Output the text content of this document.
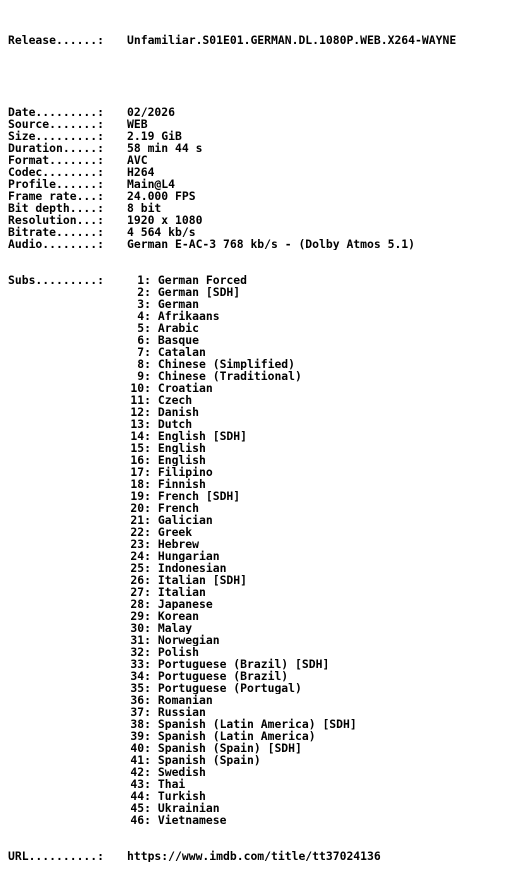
Release......: Unfamiliar.S01E01.GERMAN.DL.1080P.WEB.X264-WAYNE

Date.........: 02/2026
Source.......: WEB
Size.........: 2.19 GiB
Duration.....: 58 min 44 s
Format.......: AVC
Codec........: H264
Profile......: Main@L4
Frame rate...: 24.000 FPS
Bit depth....: 8 bit
Resolution...: 1920 x 1080
Bitrate......: 4 564 kb/s
Audio........: German E-AC-3 768 kb/s - (Dolby Atmos 5.1)

Subs.........:	1: German Forced
2: German [SDH]
3: German
4: Afrikaans
5: Arabic
6: Basque
7: Catalan
8: Chinese (Simplified)
9: Chinese (Traditional)
10: Croatian
11: Czech
12: Danish
13: Dutch
14: English [SDH]
15: English
16: English
17: Filipino
18: Finnish
19: French [SDH]
20: French
21: Galician
22: Greek
23: Hebrew
24: Hungarian
25: Indonesian
26: Italian [SDH]
27: Italian
28: Japanese
29: Korean
30: Malay
31: Norwegian
32: Polish
33: Portuguese (Brazil) [SDH]
34: Portuguese (Brazil)
35: Portuguese (Portugal)
36: Romanian
37: Russian
38: Spanish (Latin America) [SDH]
39: Spanish (Latin America)
40: Spanish (Spain) [SDH]
41: Spanish (Spain)
42: Swedish
43: Thai
44: Turkish
45: Ukrainian
46: Vietnamese

URL..........: https://www.imdb.com/title/tt37024136
